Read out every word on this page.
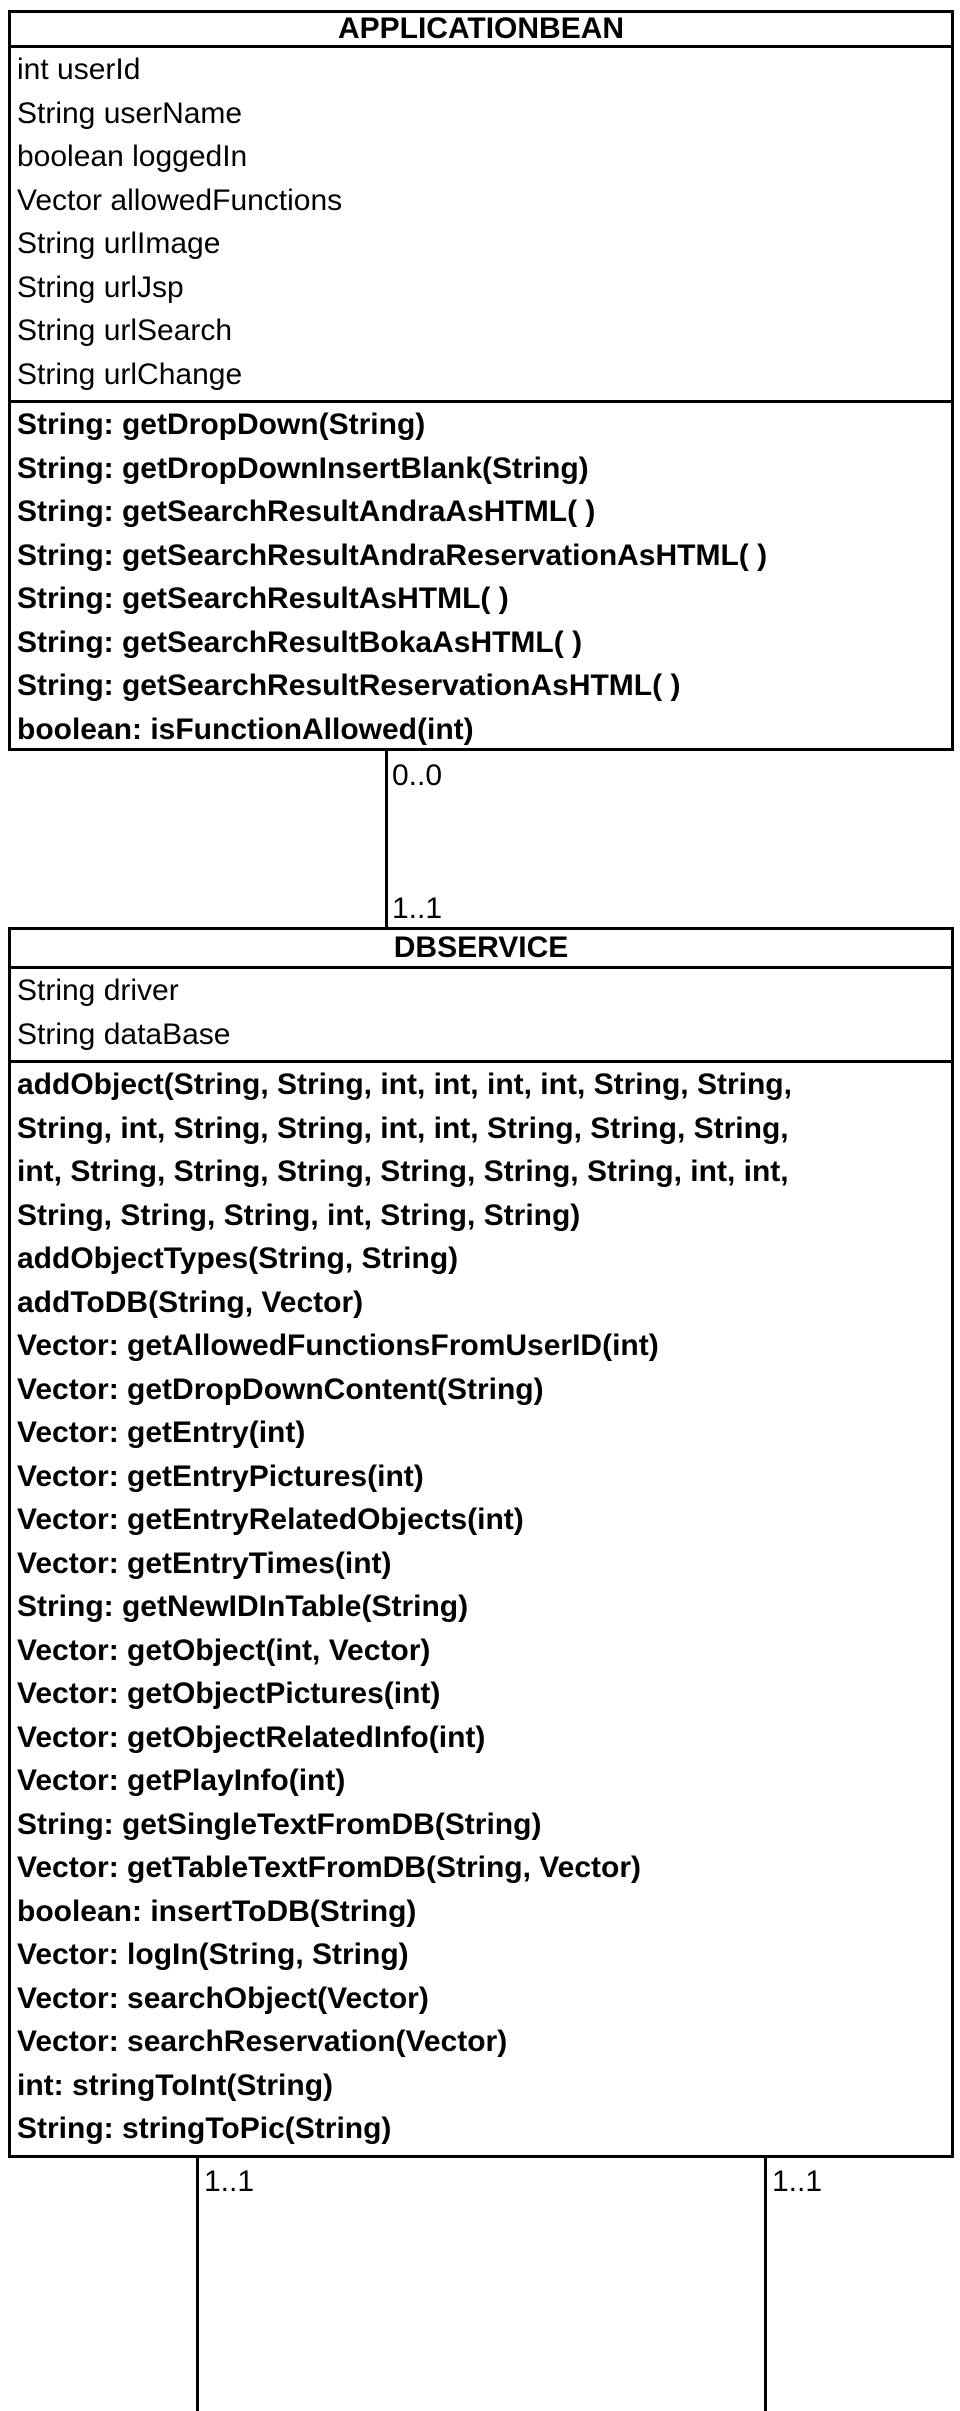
APPLICATIONBEAN
int userId
String userName
boolean loggedIn
Vector allowedFunctions
String urlImage
String urlJsp
String urlSearch
String urlChange
String: getDropDown(String)
String: getDropDownInsertBlank(String)
String: getSearchResultAndraAsHTML( )
String: getSearchResultAndraReservationAsHTML( )
String: getSearchResultAsHTML( )
String: getSearchResultBokaAsHTML( )
String: getSearchResultReservationAsHTML( )
boolean: isFunctionAllowed(int)
0..0
1..1
DBSERVICE
String driver
String dataBase
addObject(String, String, int, int, int, int, String, String,
String, int, String, String, int, int, String, String, String,
int, String, String, String, String, String, String, int, int,
String, String, String, int, String, String)
addObjectTypes(String, String)
addToDB(String, Vector)
Vector: getAllowedFunctionsFromUserID(int)
Vector: getDropDownContent(String)
Vector: getEntry(int)
Vector: getEntryPictures(int)
Vector: getEntryRelatedObjects(int)
Vector: getEntryTimes(int)
String: getNewIDInTable(String)
Vector: getObject(int, Vector)
Vector: getObjectPictures(int)
Vector: getObjectRelatedInfo(int)
Vector: getPlayInfo(int)
String: getSingleTextFromDB(String)
Vector: getTableTextFromDB(String, Vector)
boolean: insertToDB(String)
Vector: logIn(String, String)
Vector: searchObject(Vector)
Vector: searchReservation(Vector)
int: stringToInt(String)
String: stringToPic(String)
1..1	1..1
